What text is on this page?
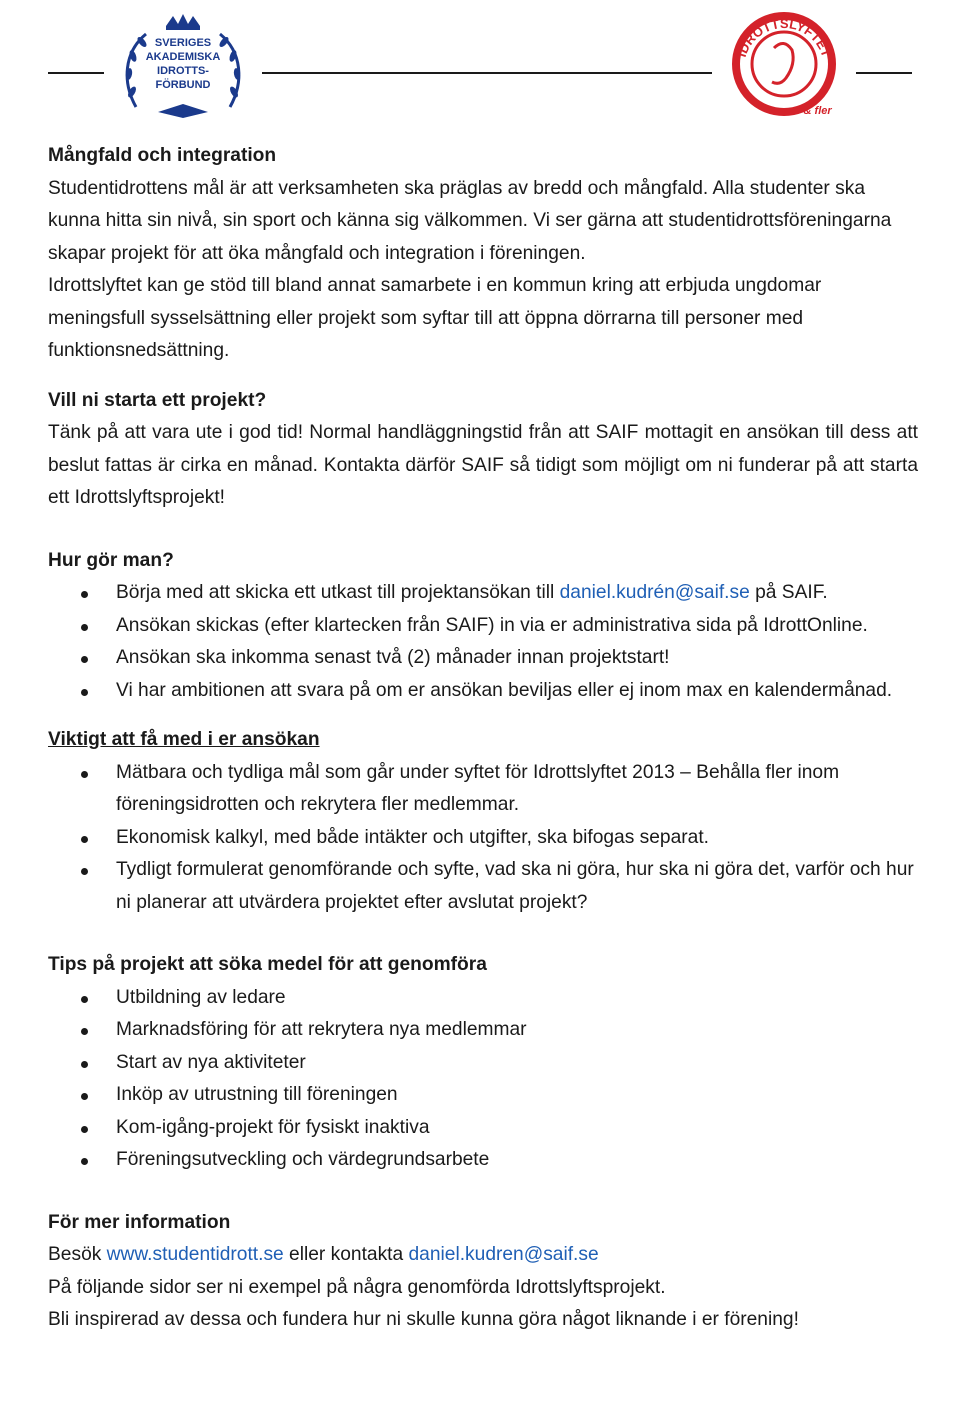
SVERIGES
AKADEMISKA
IDROTTS-
FÖRBUND
IDROTTSLYFTET
mer & fler
Mångfald och integration

Studentidrottens mål är att verksamheten ska präglas av bredd och mångfald. Alla studenter ska kunna hitta sin nivå, sin sport och känna sig välkommen. Vi ser gärna att studentidrottsföreningarna skapar projekt för att öka mångfald och integration i föreningen.

Idrottslyftet kan ge stöd till bland annat samarbete i en kommun kring att erbjuda ungdomar meningsfull sysselsättning eller projekt som syftar till att öppna dörrarna till personer med funktionsnedsättning.

Vill ni starta ett projekt?

Tänk på att vara ute i god tid! Normal handläggningstid från att SAIF mottagit en ansökan till dess att beslut fattas är cirka en månad. Kontakta därför SAIF så tidigt som möjligt om ni funderar på att starta ett Idrottslyftsprojekt!

Hur gör man?
Börja med att skicka ett utkast till projektansökan till daniel.kudrén@saif.se på SAIF.
Ansökan skickas (efter klartecken från SAIF) in via er administrativa sida på IdrottOnline.
Ansökan ska inkomma senast två (2) månader innan projektstart!
Vi har ambitionen att svara på om er ansökan beviljas eller ej inom max en kalendermånad.
Viktigt att få med i er ansökan
Mätbara och tydliga mål som går under syftet för Idrottslyftet 2013 – Behålla fler inom föreningsidrotten och rekrytera fler medlemmar.
Ekonomisk kalkyl, med både intäkter och utgifter, ska bifogas separat.
Tydligt formulerat genomförande och syfte, vad ska ni göra, hur ska ni göra det, varför och hur ni planerar att utvärdera projektet efter avslutat projekt?
Tips på projekt att söka medel för att genomföra
Utbildning av ledare
Marknadsföring för att rekrytera nya medlemmar
Start av nya aktiviteter
Inköp av utrustning till föreningen
Kom-igång-projekt för fysiskt inaktiva
Föreningsutveckling och värdegrundsarbete
För mer information

Besök www.studentidrott.se eller kontakta daniel.kudren@saif.se

På följande sidor ser ni exempel på några genomförda Idrottslyftsprojekt.

Bli inspirerad av dessa och fundera hur ni skulle kunna göra något liknande i er förening!
